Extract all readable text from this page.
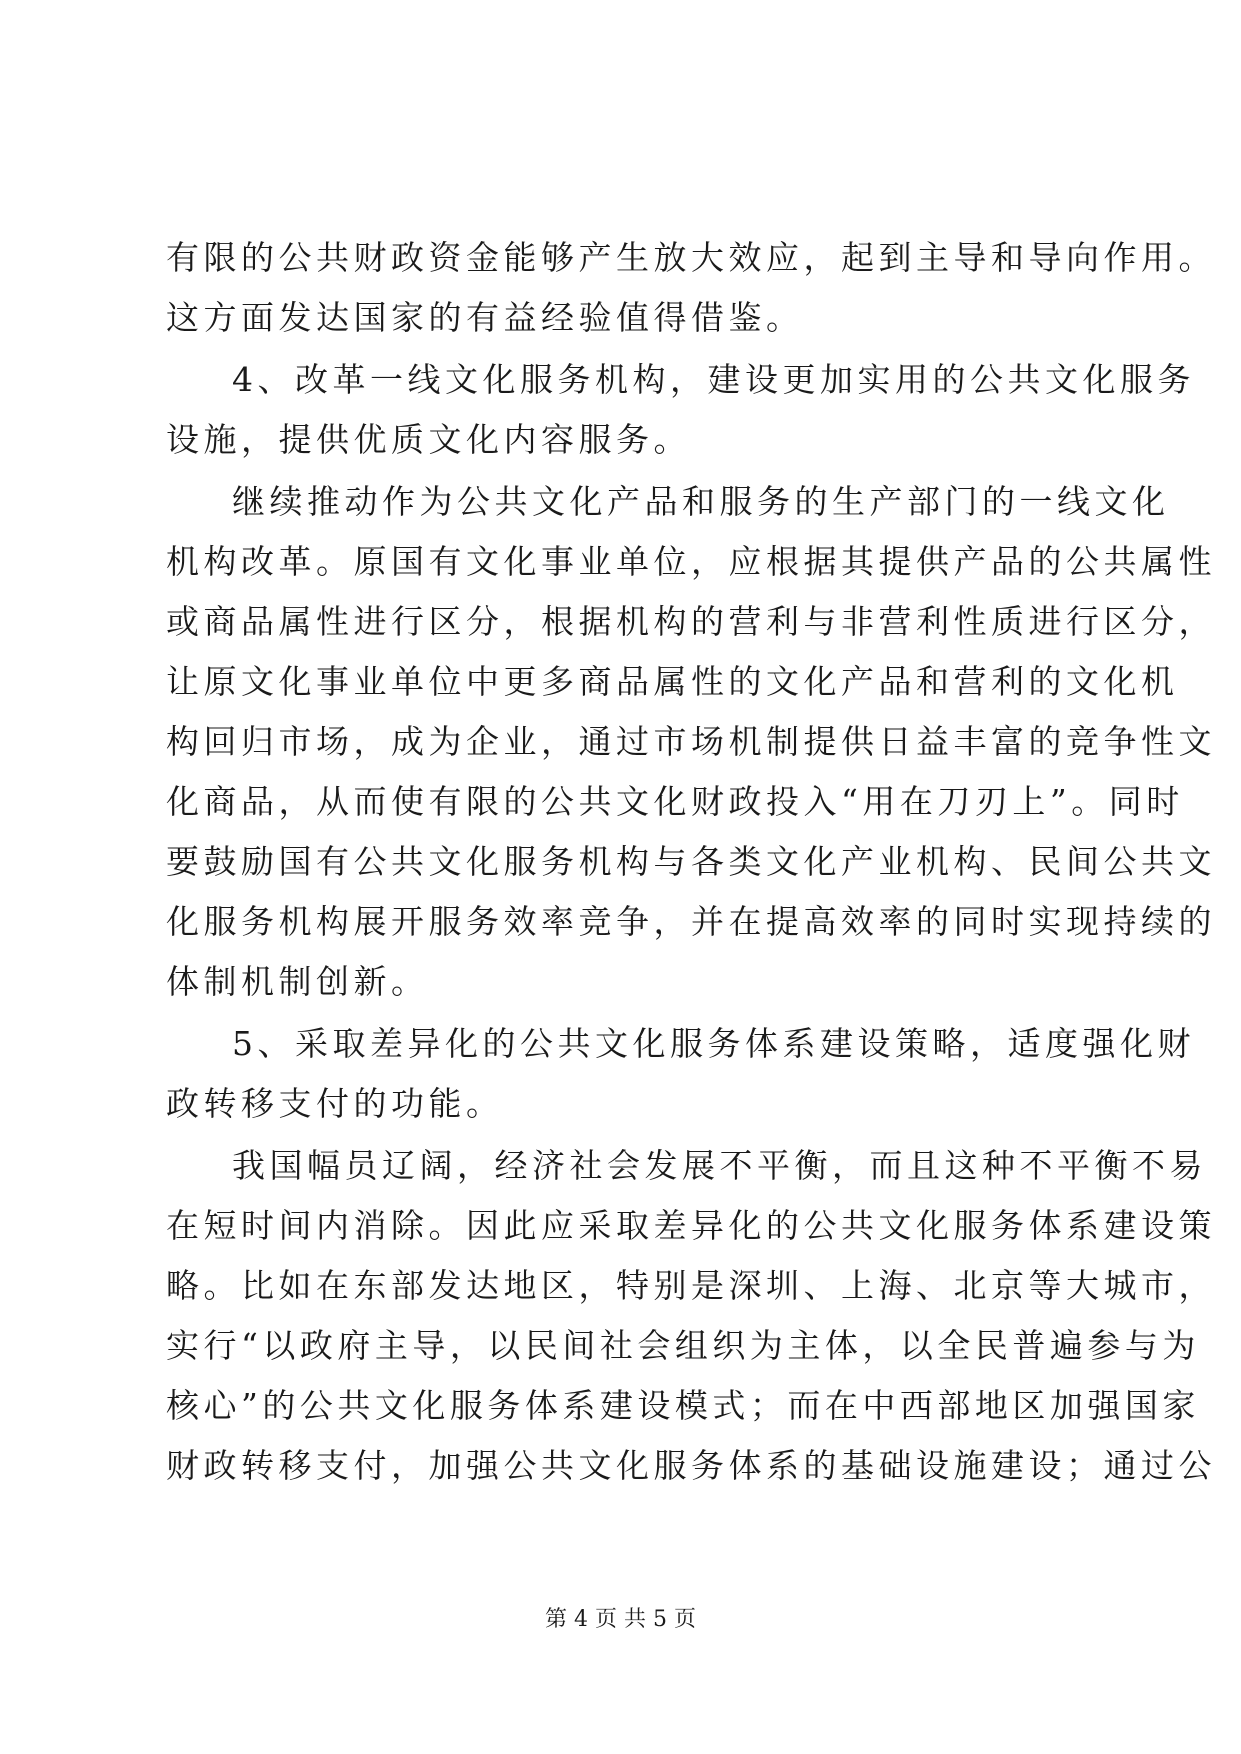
有限的公共财政资金能够产生放大效应，起到主导和导向作用。
这方面发达国家的有益经验值得借鉴。
4、改革一线文化服务机构，建设更加实用的公共文化服务
设施，提供优质文化内容服务。
继续推动作为公共文化产品和服务的生产部门的一线文化
机构改革。原国有文化事业单位，应根据其提供产品的公共属性
或商品属性进行区分，根据机构的营利与非营利性质进行区分，
让原文化事业单位中更多商品属性的文化产品和营利的文化机
构回归市场，成为企业，通过市场机制提供日益丰富的竞争性文
化商品，从而使有限的公共文化财政投入“用在刀刃上”。同时
要鼓励国有公共文化服务机构与各类文化产业机构、民间公共文
化服务机构展开服务效率竞争，并在提高效率的同时实现持续的
体制机制创新。
5、采取差异化的公共文化服务体系建设策略，适度强化财
政转移支付的功能。
我国幅员辽阔，经济社会发展不平衡，而且这种不平衡不易
在短时间内消除。因此应采取差异化的公共文化服务体系建设策
略。比如在东部发达地区，特别是深圳、上海、北京等大城市，
实行“以政府主导，以民间社会组织为主体，以全民普遍参与为
核心”的公共文化服务体系建设模式；而在中西部地区加强国家
财政转移支付，加强公共文化服务体系的基础设施建设；通过公
第 4 页 共 5 页
